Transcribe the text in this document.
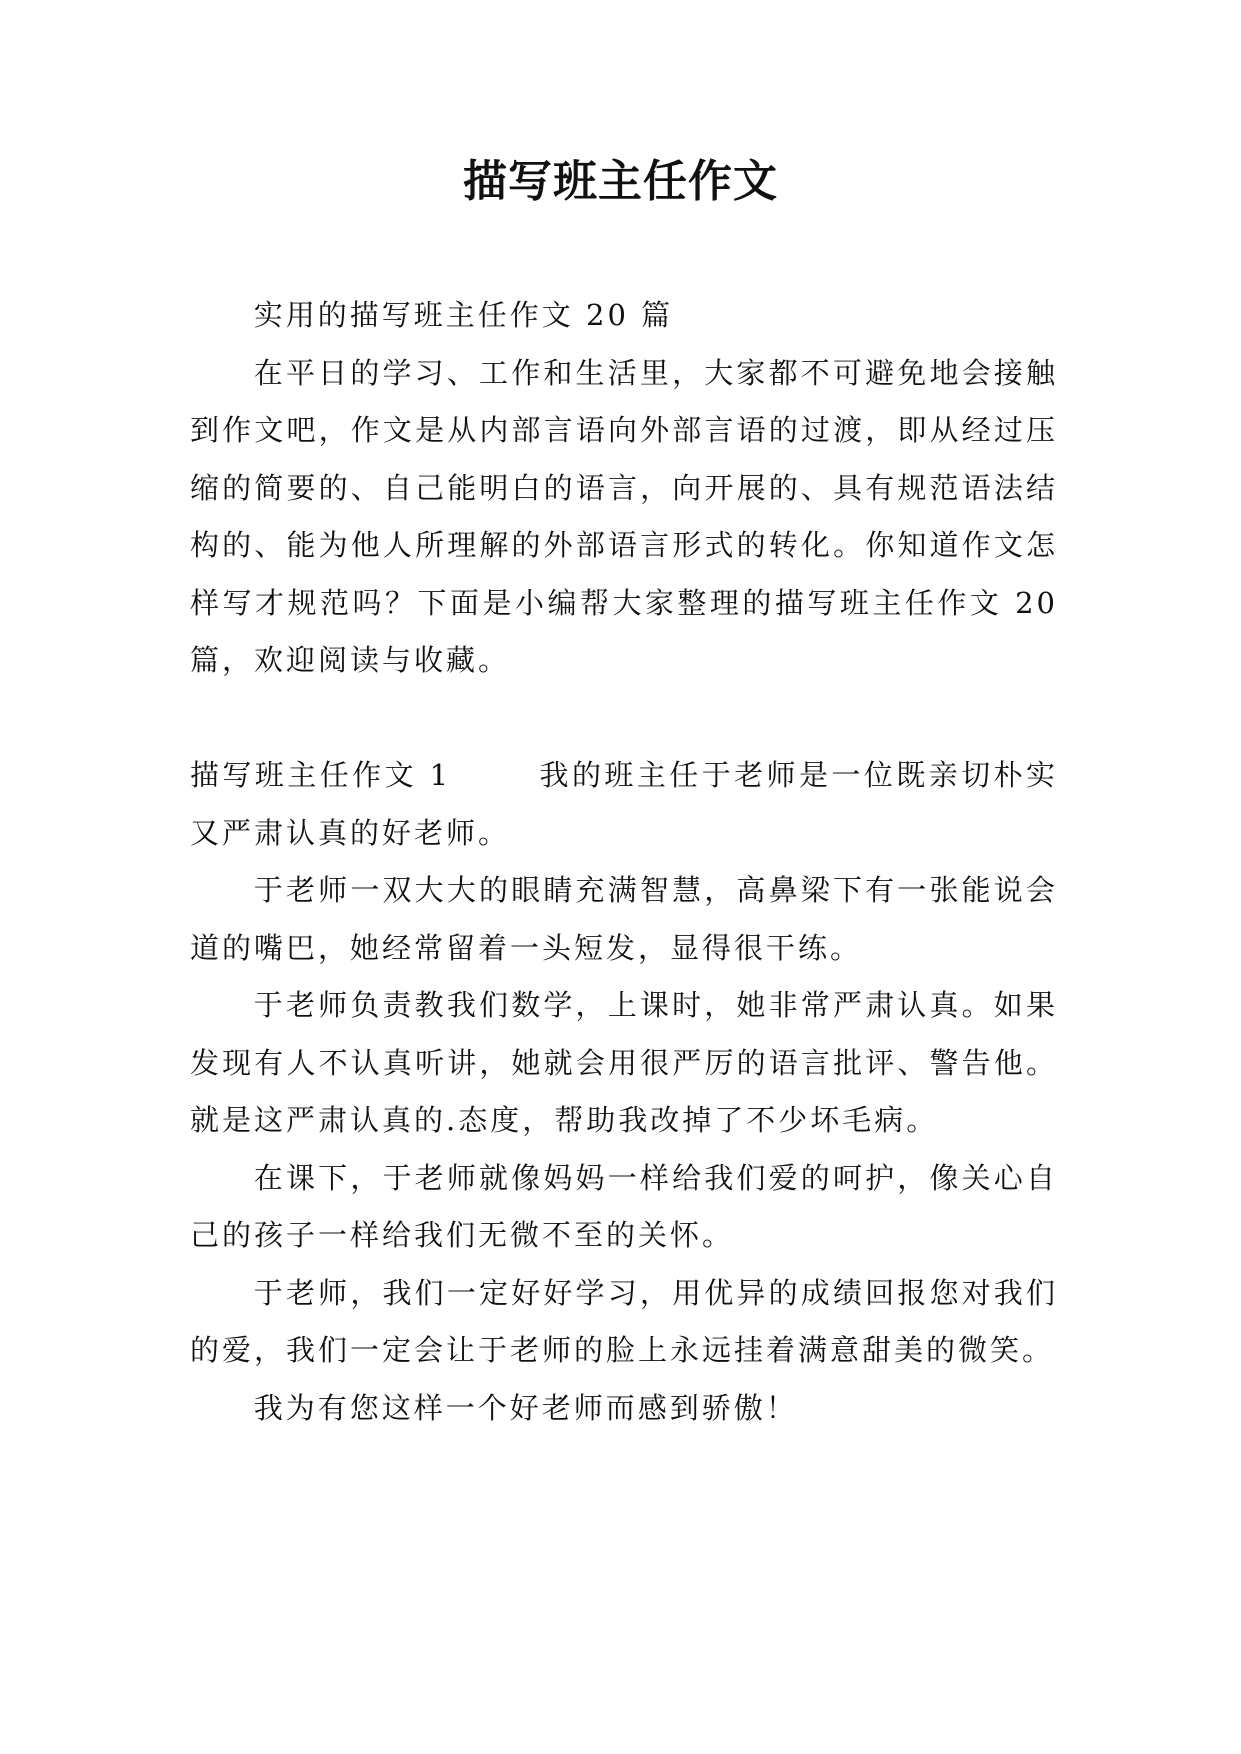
描写班主任作文

实用的描写班主任作文 20 篇

在平日的学习、工作和生活里，大家都不可避免地会接触到作文吧，作文是从内部言语向外部言语的过渡，即从经过压缩的简要的、自己能明白的语言，向开展的、具有规范语法结构的、能为他人所理解的外部语言形式的转化。你知道作文怎样写才规范吗？下面是小编帮大家整理的描写班主任作文 20 篇，欢迎阅读与收藏。

描写班主任作文 1	我的班主任于老师是一位既亲切朴实又严肃认真的好老师。

于老师一双大大的眼睛充满智慧，高鼻梁下有一张能说会道的嘴巴，她经常留着一头短发，显得很干练。

于老师负责教我们数学，上课时，她非常严肃认真。如果发现有人不认真听讲，她就会用很严厉的语言批评、警告他。就是这严肃认真的.态度，帮助我改掉了不少坏毛病。

在课下，于老师就像妈妈一样给我们爱的呵护，像关心自己的孩子一样给我们无微不至的关怀。

于老师，我们一定好好学习，用优异的成绩回报您对我们的爱，我们一定会让于老师的脸上永远挂着满意甜美的微笑。

我为有您这样一个好老师而感到骄傲！
